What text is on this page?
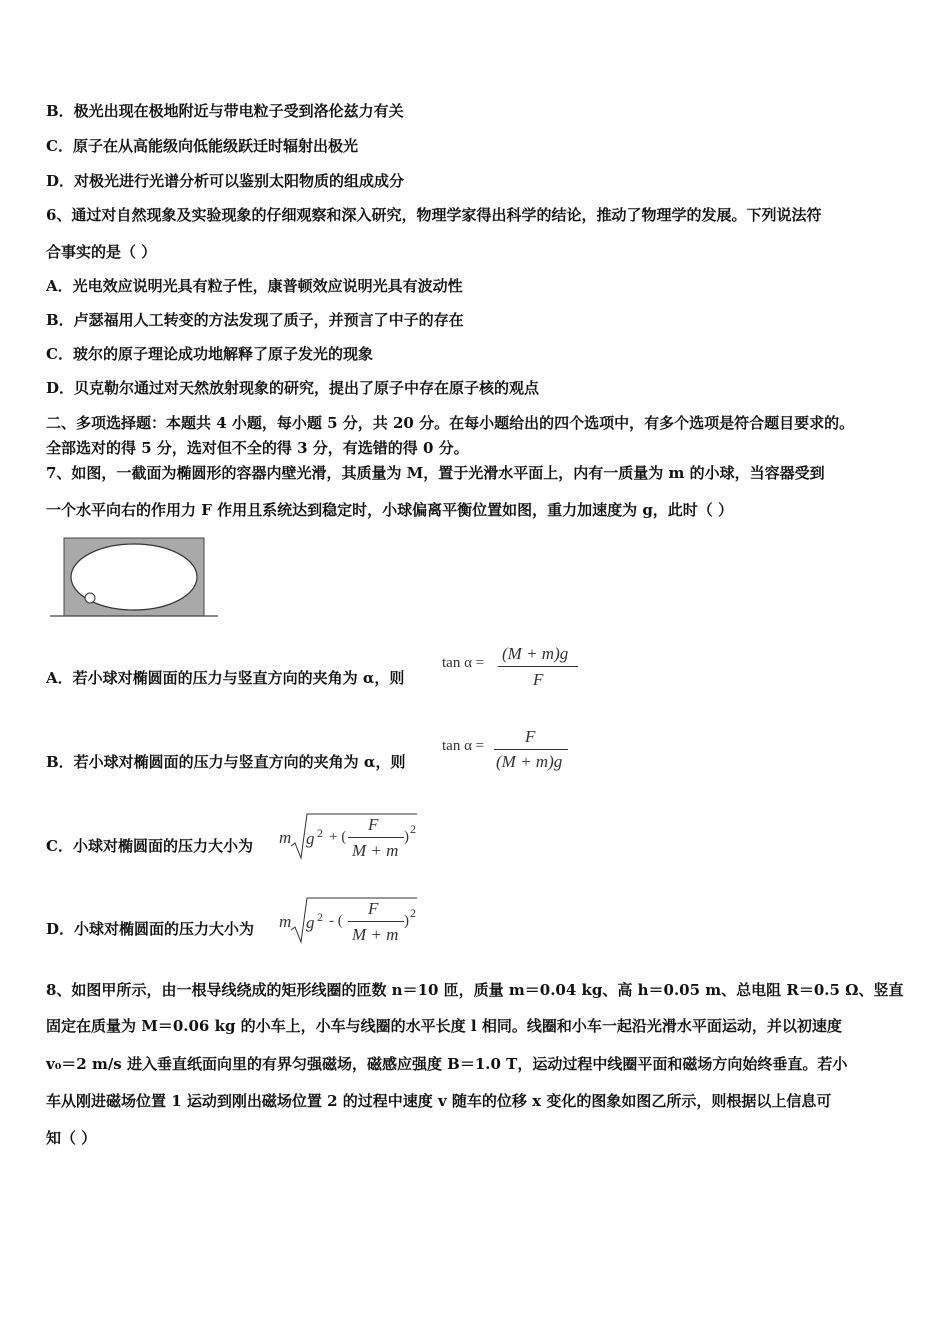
B．极光出现在极地附近与带电粒子受到洛伦兹力有关
C．原子在从高能级向低能级跃迁时辐射出极光
D．对极光进行光谱分析可以鉴别太阳物质的组成成分
6、通过对自然现象及实验现象的仔细观察和深入研究，物理学家得出科学的结论，推动了物理学的发展。下列说法符
合事实的是（ ）
A．光电效应说明光具有粒子性，康普顿效应说明光具有波动性
B．卢瑟福用人工转变的方法发现了质子，并预言了中子的存在
C．玻尔的原子理论成功地解释了原子发光的现象
D．贝克勒尔通过对天然放射现象的研究，提出了原子中存在原子核的观点
二、多项选择题：本题共 4 小题，每小题 5 分，共 20 分。在每小题给出的四个选项中，有多个选项是符合题目要求的。
全部选对的得 5 分，选对但不全的得 3 分，有选错的得 0 分。
7、如图，一截面为椭圆形的容器内壁光滑，其质量为 M，置于光滑水平面上，内有一质量为 m 的小球，当容器受到
一个水平向右的作用力 F 作用且系统达到稳定时，小球偏离平衡位置如图，重力加速度为 g，此时（ ）
A．若小球对椭圆面的压力与竖直方向的夹角为 α，则
tan α = (M + m)g
F
B．若小球对椭圆面的压力与竖直方向的夹角为 α，则
tan α = F
(M + m)g
C．小球对椭圆面的压力大小为 m g 2 + (
F
M + m
) 2
D．小球对椭圆面的压力大小为 m g 2 - (
F
M + m
) 2
8、如图甲所示，由一根导线绕成的矩形线圈的匝数 n＝10 匝，质量 m＝0.04 kg、高 h＝0.05 m、总电阻 R＝0.5 Ω、竖直
固定在质量为 M＝0.06 kg 的小车上，小车与线圈的水平长度 l 相同。线圈和小车一起沿光滑水平面运动，并以初速度
v₀＝2 m/s 进入垂直纸面向里的有界匀强磁场，磁感应强度 B＝1.0 T，运动过程中线圈平面和磁场方向始终垂直。若小
车从刚进磁场位置 1 运动到刚出磁场位置 2 的过程中速度 v 随车的位移 x 变化的图象如图乙所示，则根据以上信息可
知（ ）
